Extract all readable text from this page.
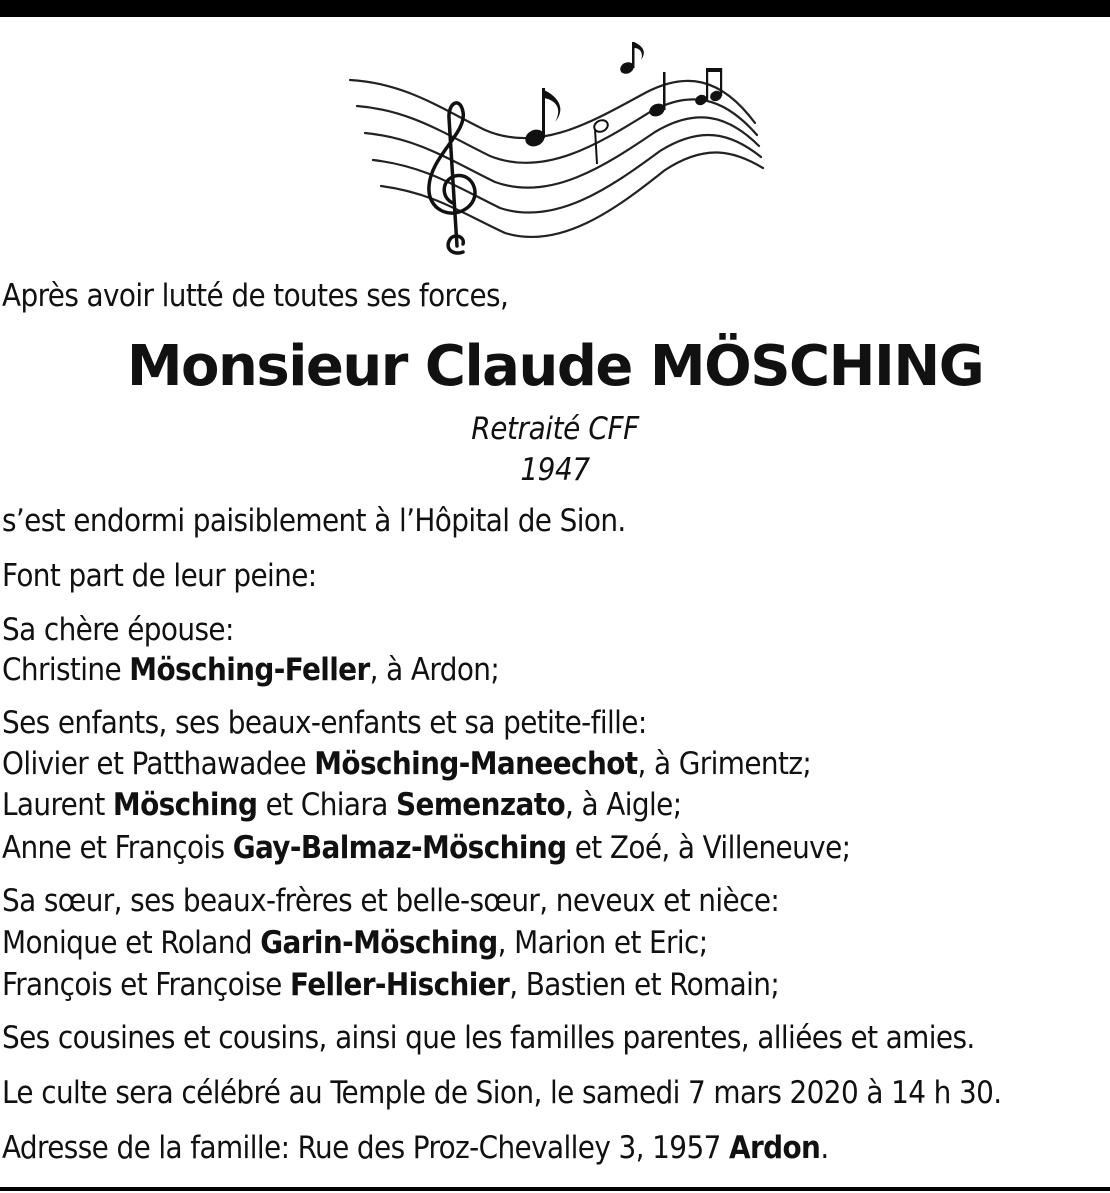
Après avoir lutté de toutes ses forces,
Monsieur Claude MÖSCHING
Retraité CFF
1947
s’est endormi paisiblement à l’Hôpital de Sion.
Font part de leur peine:
Sa chère épouse:
Christine Mösching-Feller, à Ardon;
Ses enfants, ses beaux-enfants et sa petite-fille:
Olivier et Patthawadee Mösching-Maneechot, à Grimentz;
Laurent Mösching et Chiara Semenzato, à Aigle;
Anne et François Gay-Balmaz-Mösching et Zoé, à Villeneuve;
Sa sœur, ses beaux-frères et belle-sœur, neveux et nièce:
Monique et Roland Garin-Mösching, Marion et Eric;
François et Françoise Feller-Hischier, Bastien et Romain;
Ses cousines et cousins, ainsi que les familles parentes, alliées et amies.
Le culte sera célébré au Temple de Sion, le samedi 7 mars 2020 à 14 h 30.
Adresse de la famille: Rue des Proz-Chevalley 3, 1957 Ardon.
